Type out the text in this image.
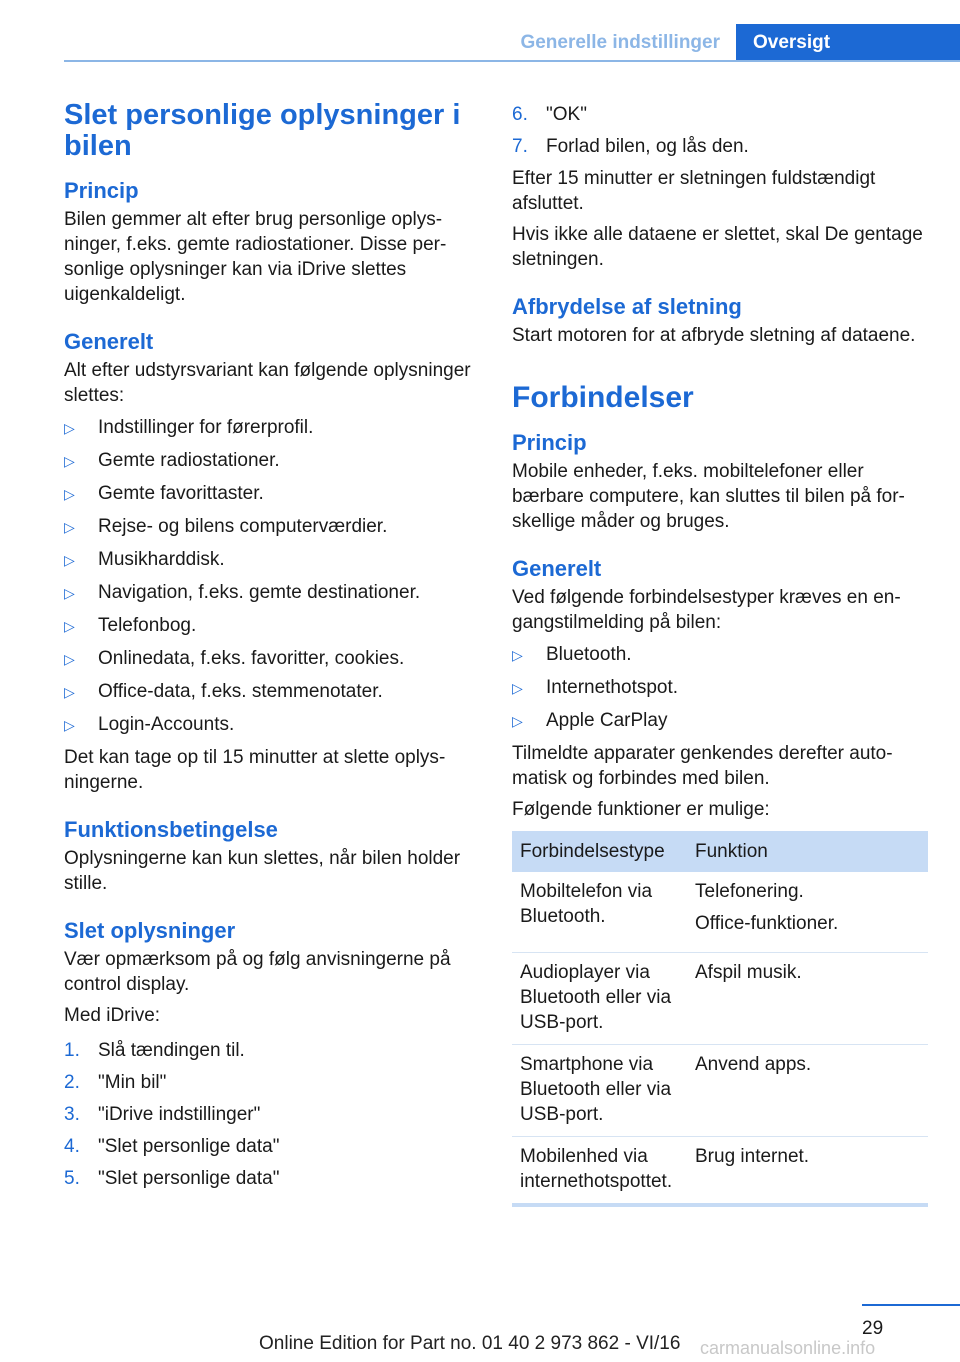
Generelle indstillinger	Oversigt
Slet personlige oplysninger i bilen
Princip
Bilen gemmer alt efter brug personlige oplysninger, f.eks. gemte radiostationer. Disse personlige oplysninger kan via iDrive slettes uigenkaldeligt.
Generelt
Alt efter udstyrsvariant kan følgende oplysninger slettes:
▷	Indstillinger for førerprofil.
▷	Gemte radiostationer.
▷	Gemte favorittaster.
▷	Rejse- og bilens computerværdier.
▷	Musikharddisk.
▷	Navigation, f.eks. gemte destinationer.
▷	Telefonbog.
▷	Onlinedata, f.eks. favoritter, cookies.
▷	Office-data, f.eks. stemmenotater.
▷	Login-Accounts.
Det kan tage op til 15 minutter at slette oplysningerne.
Funktionsbetingelse
Oplysningerne kan kun slettes, når bilen holder stille.
Slet oplysninger
Vær opmærksom på og følg anvisningerne på control display.
Med iDrive:
1. Slå tændingen til.
2. "Min bil"
3. "iDrive indstillinger"
4. "Slet personlige data"
5. "Slet personlige data"
6. "OK"
7. Forlad bilen, og lås den.
Efter 15 minutter er sletningen fuldstændigt afsluttet.
Hvis ikke alle dataene er slettet, skal De gentage sletningen.
Afbrydelse af sletning
Start motoren for at afbryde sletning af dataene.
Forbindelser
Princip
Mobile enheder, f.eks. mobiltelefoner eller bærbare computere, kan sluttes til bilen på forskellige måder og bruges.
Generelt
Ved følgende forbindelsestyper kræves en engangstilmelding på bilen:
▷	Bluetooth.
▷	Internethotspot.
▷	Apple CarPlay
Tilmeldte apparater genkendes derefter automatisk og forbindes med bilen.
Følgende funktioner er mulige:
Forbindelsestype	Funktion
Mobiltelefon via Bluetooth.	Telefonering.
Office-funktioner.

Audioplayer via Bluetooth eller via USB-port.	Afspil musik.

Smartphone via Bluetooth eller via USB-port.	Anvend apps.

Mobilenhed via internethotspottet.	Brug internet.
29
Online Edition for Part no. 01 40 2 973 862 - VI/16 carmanualsonline.info
